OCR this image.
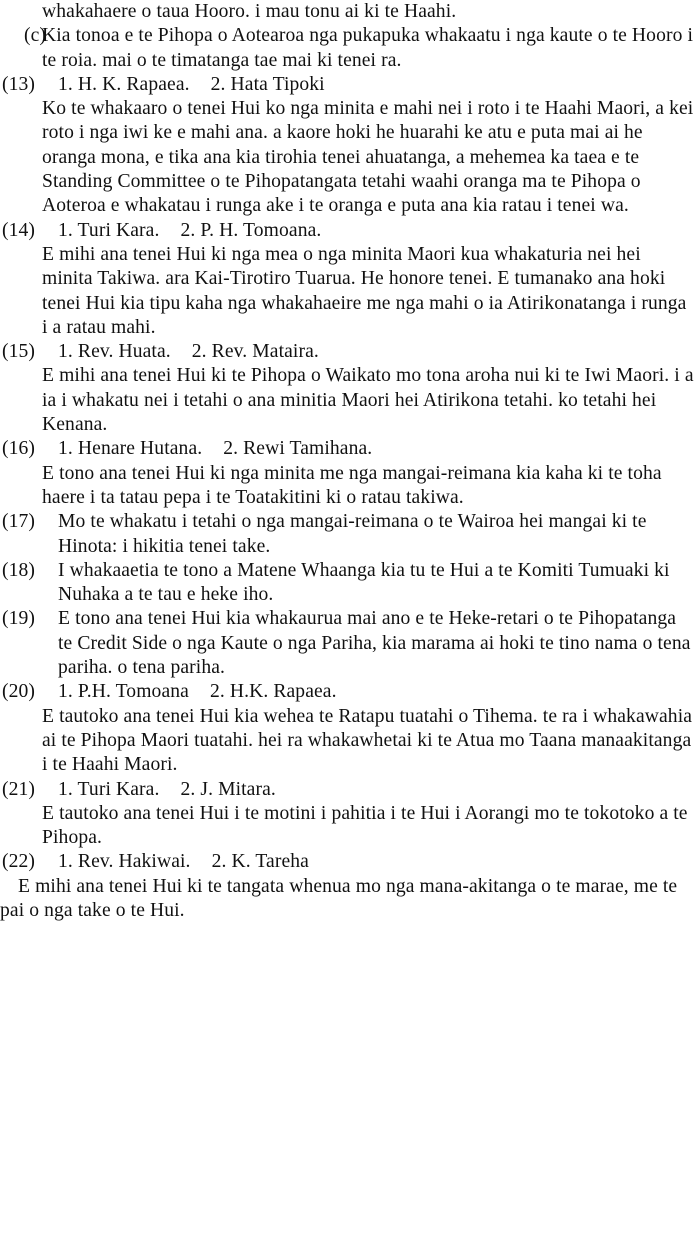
whakahaere o taua Hooro. i mau tonu ai ki te Haahi.
(c)
Kia tonoa e te Pihopa o Aotearoa nga pukapuka whakaatu i nga kaute o te Hooro i te roia. mai o te timatanga tae mai ki tenei ra.
(13)	1. H. K. Rapaea. 2. Hata Tipoki
Ko te whakaaro o tenei Hui ko nga minita e mahi nei i roto i te Haahi Maori, a kei roto i nga iwi ke e mahi ana. a kaore hoki he huarahi ke atu e puta mai ai he oranga mona, e tika ana kia tirohia tenei ahuatanga, a mehemea ka taea e te Standing Committee o te Pihopatangata tetahi waahi oranga ma te Pihopa o Aoteroa e whakatau i runga ake i te oranga e puta ana kia ratau i tenei wa.
(14)	1. Turi Kara. 2. P. H. Tomoana.
E mihi ana tenei Hui ki nga mea o nga minita Maori kua whakaturia nei hei minita Takiwa. ara Kai-Tirotiro Tuarua. He honore tenei. E tumanako ana hoki tenei Hui kia tipu kaha nga whakahaeire me nga mahi o ia Atirikonatanga i runga i a ratau mahi.
(15)	1. Rev. Huata. 2. Rev. Mataira.
E mihi ana tenei Hui ki te Pihopa o Waikato mo tona aroha nui ki te Iwi Maori. i a ia i whakatu nei i tetahi o ana minitia Maori hei Atirikona tetahi. ko tetahi hei Kenana.
(16)	1. Henare Hutana. 2. Rewi Tamihana.
E tono ana tenei Hui ki nga minita me nga mangai-reimana kia kaha ki te toha haere i ta tatau pepa i te Toatakitini ki o ratau takiwa.
(17) Mo te whakatu i tetahi o nga mangai-reimana o te Wairoa hei mangai ki te Hinota: i hikitia tenei take.
(18) I whakaaetia te tono a Matene Whaanga kia tu te Hui a te Komiti Tumuaki ki Nuhaka a te tau e heke iho.
(19) E tono ana tenei Hui kia whakaurua mai ano e te Heke-retari o te Pihopatanga te Credit Side o nga Kaute o nga Pariha, kia marama ai hoki te tino nama o tena pariha. o tena pariha.
(20)	1. P.H. Tomoana 2. H.K. Rapaea.
E tautoko ana tenei Hui kia wehea te Ratapu tuatahi o Tihema. te ra i whakawahia ai te Pihopa Maori tuatahi. hei ra whakawhetai ki te Atua mo Taana manaakitanga i te Haahi Maori.
(21)	1. Turi Kara. 2. J. Mitara.
E tautoko ana tenei Hui i te motini i pahitia i te Hui i Aorangi mo te tokotoko a te Pihopa.
(22)	1. Rev. Hakiwai. 2. K. Tareha
E mihi ana tenei Hui ki te tangata whenua mo nga mana-akitanga o te marae, me te pai o nga take o te Hui.
